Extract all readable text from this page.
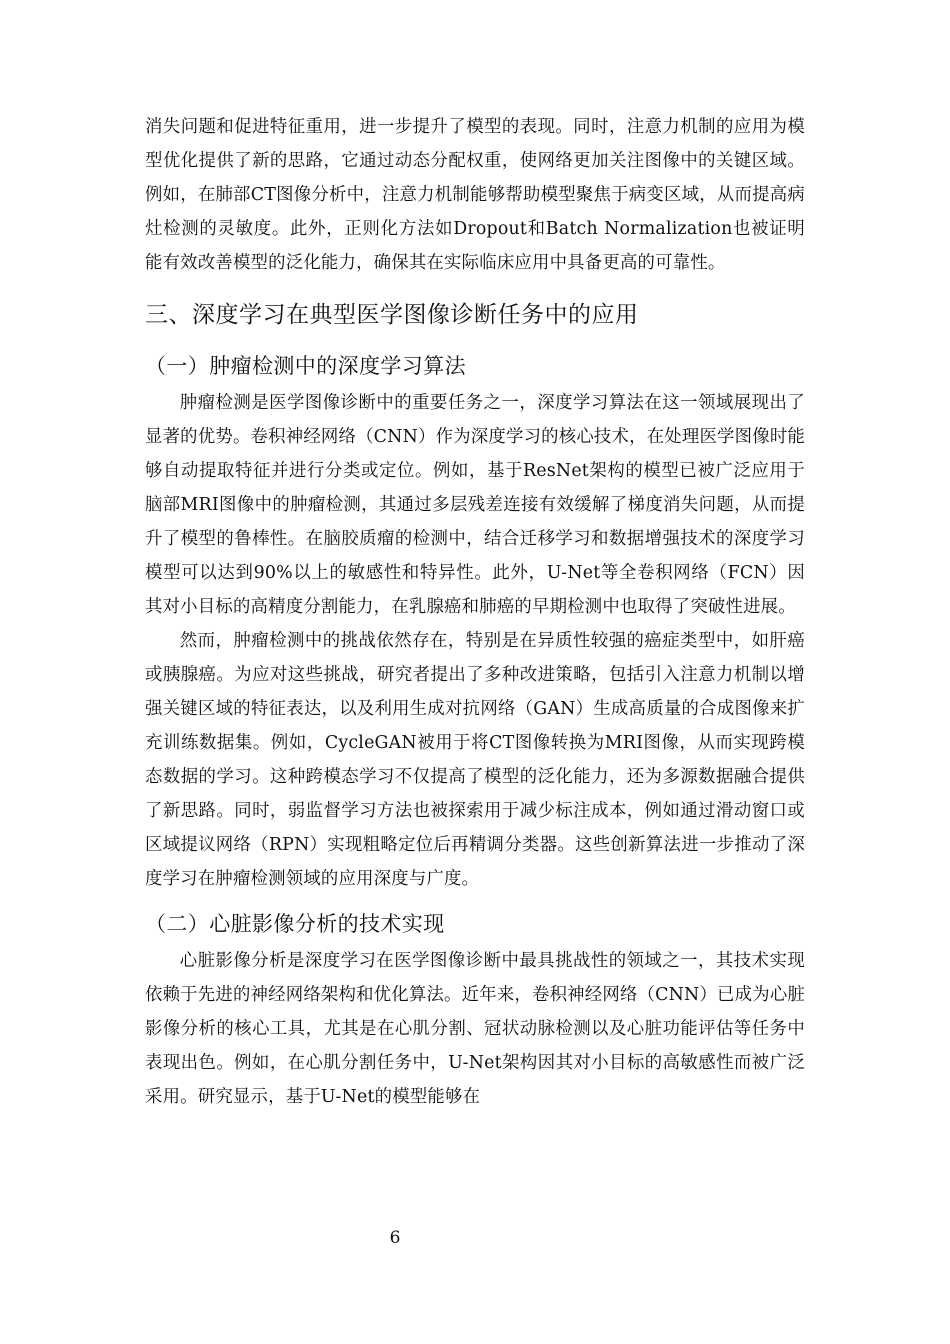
消失问题和促进特征重用，进一步提升了模型的表现。同时，注意力机制的应用为模型优化提供了新的思路，它通过动态分配权重，使网络更加关注图像中的关键区域。例如，在肺部CT图像分析中，注意力机制能够帮助模型聚焦于病变区域，从而提高病灶检测的灵敏度。此外，正则化方法如Dropout和Batch Normalization也被证明能有效改善模型的泛化能力，确保其在实际临床应用中具备更高的可靠性。

三、深度学习在典型医学图像诊断任务中的应用
（一）肿瘤检测中的深度学习算法

肿瘤检测是医学图像诊断中的重要任务之一，深度学习算法在这一领域展现出了显著的优势。卷积神经网络（CNN）作为深度学习的核心技术，在处理医学图像时能够自动提取特征并进行分类或定位。例如，基于ResNet架构的模型已被广泛应用于脑部MRI图像中的肿瘤检测，其通过多层残差连接有效缓解了梯度消失问题，从而提升了模型的鲁棒性。在脑胶质瘤的检测中，结合迁移学习和数据增强技术的深度学习模型可以达到90%以上的敏感性和特异性。此外，U-Net等全卷积网络（FCN）因其对小目标的高精度分割能力，在乳腺癌和肺癌的早期检测中也取得了突破性进展。

然而，肿瘤检测中的挑战依然存在，特别是在异质性较强的癌症类型中，如肝癌或胰腺癌。为应对这些挑战，研究者提出了多种改进策略，包括引入注意力机制以增强关键区域的特征表达，以及利用生成对抗网络（GAN）生成高质量的合成图像来扩充训练数据集。例如，CycleGAN被用于将CT图像转换为MRI图像，从而实现跨模态数据的学习。这种跨模态学习不仅提高了模型的泛化能力，还为多源数据融合提供了新思路。同时，弱监督学习方法也被探索用于减少标注成本，例如通过滑动窗口或区域提议网络（RPN）实现粗略定位后再精调分类器。这些创新算法进一步推动了深度学习在肿瘤检测领域的应用深度与广度。

（二）心脏影像分析的技术实现

心脏影像分析是深度学习在医学图像诊断中最具挑战性的领域之一，其技术实现依赖于先进的神经网络架构和优化算法。近年来，卷积神经网络（CNN）已成为心脏影像分析的核心工具，尤其是在心肌分割、冠状动脉检测以及心脏功能评估等任务中表现出色。例如，在心肌分割任务中，U-Net架构因其对小目标的高敏感性而被广泛采用。研究显示，基于U-Net的模型能够在

6
